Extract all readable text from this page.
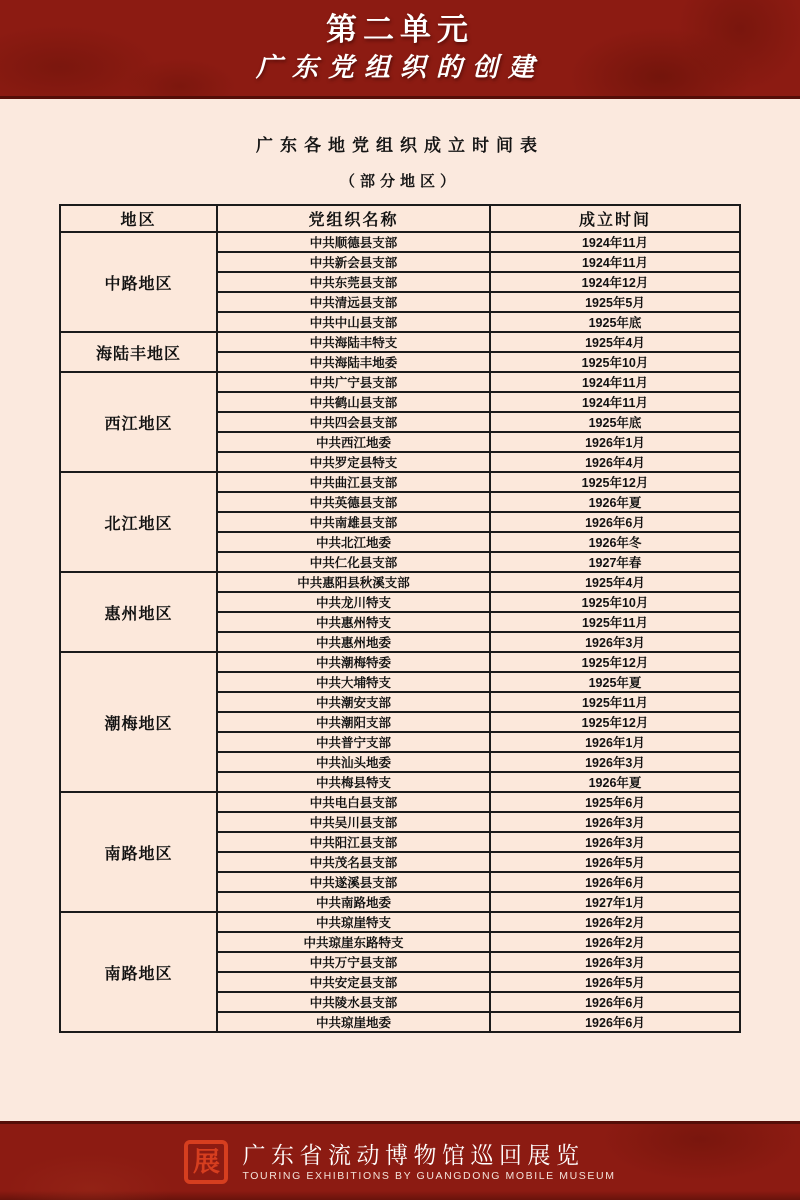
第二单元
广东党组织的创建
广东各地党组织成立时间表
（部分地区）
地区	党组织名称	成立时间
中路地区	中共顺德县支部	1924年11月
	中共新会县支部	1924年11月
	中共东莞县支部	1924年12月
	中共清远县支部	1925年5月
	中共中山县支部	1925年底
海陆丰地区	中共海陆丰特支	1925年4月
	中共海陆丰地委	1925年10月
西江地区	中共广宁县支部	1924年11月
	中共鹤山县支部	1924年11月
	中共四会县支部	1925年底
	中共西江地委	1926年1月
	中共罗定县特支	1926年4月
北江地区	中共曲江县支部	1925年12月
	中共英德县支部	1926年夏
	中共南雄县支部	1926年6月
	中共北江地委	1926年冬
	中共仁化县支部	1927年春
惠州地区	中共惠阳县秋溪支部	1925年4月
	中共龙川特支	1925年10月
	中共惠州特支	1925年11月
	中共惠州地委	1926年3月
潮梅地区	中共潮梅特委	1925年12月
	中共大埔特支	1925年夏
	中共潮安支部	1925年11月
	中共潮阳支部	1925年12月
	中共普宁支部	1926年1月
	中共汕头地委	1926年3月
	中共梅县特支	1926年夏
南路地区	中共电白县支部	1925年6月
	中共吴川县支部	1926年3月
	中共阳江县支部	1926年3月
	中共茂名县支部	1926年5月
	中共遂溪县支部	1926年6月
	中共南路地委	1927年1月
南路地区	中共琼崖特支	1926年2月
	中共琼崖东路特支	1926年2月
	中共万宁县支部	1926年3月
	中共安定县支部	1926年5月
	中共陵水县支部	1926年6月
	中共琼崖地委	1926年6月
展 广东省流动博物馆巡回展览
TOURING EXHIBITIONS BY GUANGDONG MOBILE MUSEUM
